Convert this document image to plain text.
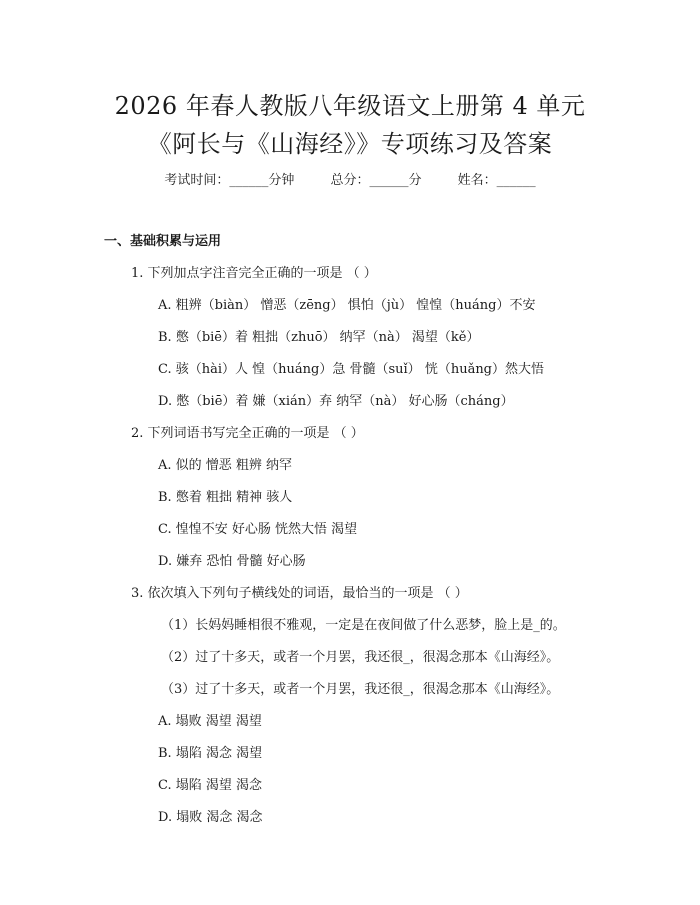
2026 年春人教版八年级语文上册第 4 单元
《阿长与《山海经》》专项练习及答案
考试时间：______分钟	总分：______分	姓名：______
一、基础积累与运用
1. 下列加点字注音完全正确的一项是 （ ）
A. 粗辨（biàn） 憎恶（zēng） 惧怕（jù） 惶惶（huáng）不安
B. 憋（biē）着 粗拙（zhuō） 纳罕（nà） 渴望（kě）
C. 骇（hài）人 惶（huáng）急 骨髓（suǐ） 恍（huǎng）然大悟
D. 憋（biē）着 嫌（xián）弃 纳罕（nà） 好心肠（cháng）
2. 下列词语书写完全正确的一项是 （ ）
A. 似的 憎恶 粗辨 纳罕
B. 憋着 粗拙 精神 骇人
C. 惶惶不安 好心肠 恍然大悟 渴望
D. 嫌弃 恐怕 骨髓 好心肠
3. 依次填入下列句子横线处的词语，最恰当的一项是 （ ）
（1）长妈妈睡相很不雅观，一定是在夜间做了什么恶梦，脸上是_的。
（2）过了十多天，或者一个月罢，我还很_，很渴念那本《山海经》。
（3）过了十多天，或者一个月罢，我还很_，很渴念那本《山海经》。
A. 塌败 渴望 渴望
B. 塌陷 渴念 渴望
C. 塌陷 渴望 渴念
D. 塌败 渴念 渴念
